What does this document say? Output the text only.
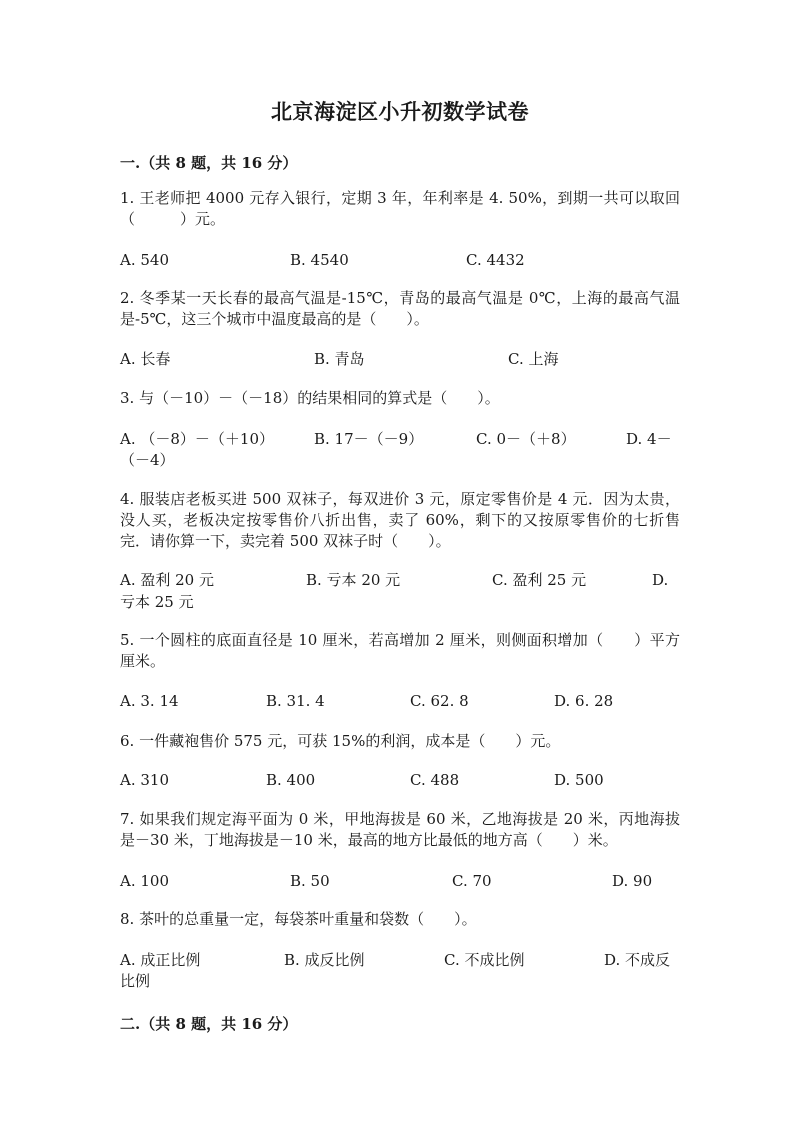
北京海淀区小升初数学试卷
一.（共 8 题，共 16 分）
1. 王老师把 4000 元存入银行，定期 3 年，年利率是 4. 50%，到期一共可以取回（　　　）元。
A. 540	B. 4540	C. 4432
2. 冬季某一天长春的最高气温是-15℃，青岛的最高气温是 0℃，上海的最高气温是-5℃，这三个城市中温度最高的是（　　）。
A. 长春	B. 青岛	C. 上海
3. 与（－10）－（－18）的结果相同的算式是（　　）。
A. （－8）－（＋10）	B. 17－（－9）	C. 0－（＋8）	D. 4－
（－4）
4. 服装店老板买进 500 双袜子，每双进价 3 元，原定零售价是 4 元．因为太贵，没人买，老板决定按零售价八折出售，卖了 60%，剩下的又按原零售价的七折售完．请你算一下，卖完着 500 双袜子时（　　）。
A. 盈利 20 元	B. 亏本 20 元	C. 盈利 25 元	D.
亏本 25 元
5. 一个圆柱的底面直径是 10 厘米，若高增加 2 厘米，则侧面积增加（　　）平方厘米。
A. 3. 14	B. 31. 4	C. 62. 8	D. 6. 28
6. 一件藏袍售价 575 元，可获 15%的利润，成本是（　　）元。
A. 310	B. 400	C. 488	D. 500
7. 如果我们规定海平面为 0 米，甲地海拔是 60 米，乙地海拔是 20 米，丙地海拔是－30 米，丁地海拔是－10 米，最高的地方比最低的地方高（　　）米。
A. 100	B. 50	C. 70	D. 90
8. 茶叶的总重量一定，每袋茶叶重量和袋数（　　）。
A. 成正比例	B. 成反比例	C. 不成比例	D. 不成反
比例
二.（共 8 题，共 16 分）
